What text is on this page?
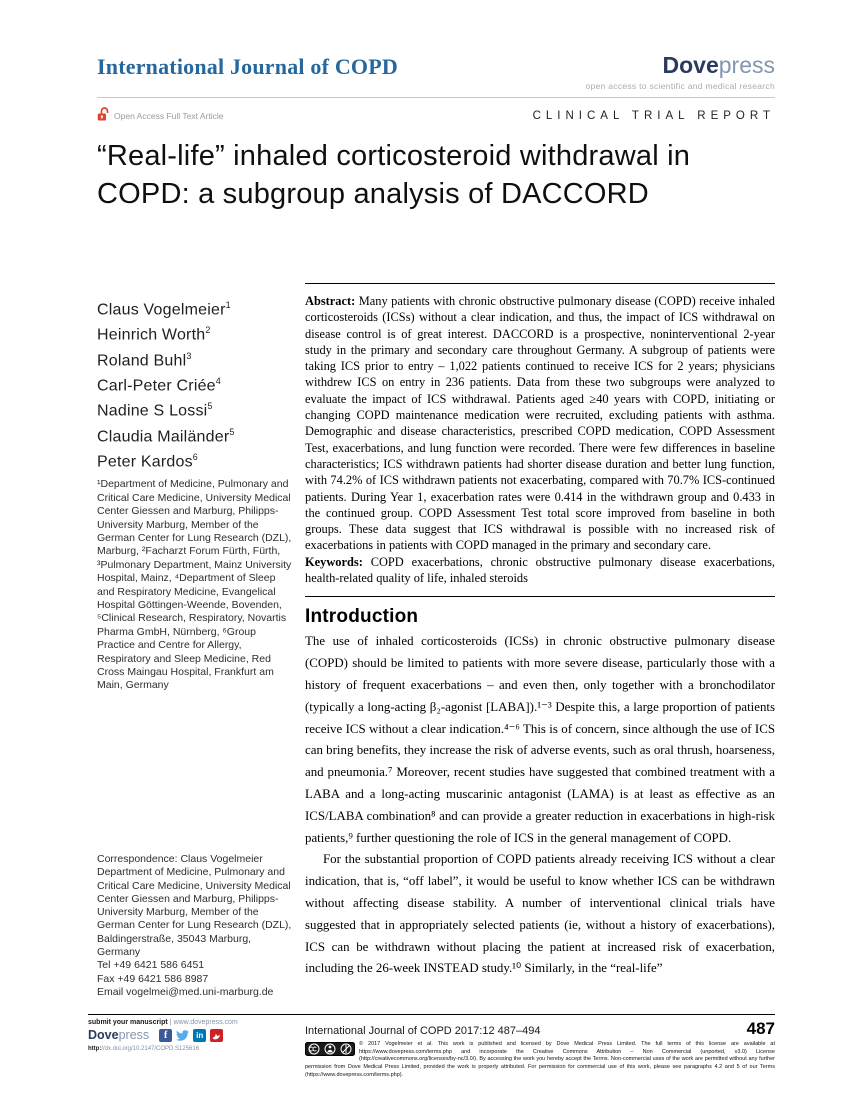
International Journal of COPD	Dovepress
open access to scientific and medical research
Open Access Full Text Article	CLINICAL TRIAL REPORT
“Real-life” inhaled corticosteroid withdrawal in COPD: a subgroup analysis of DACCORD
Claus Vogelmeier$^1$
Heinrich Worth$^2$
Roland Buhl$^3$
Carl-Peter Criée$^4$
Nadine S Lossi$^5$
Claudia Mailänder$^5$
Peter Kardos$^6$
¹Department of Medicine, Pulmonary and Critical Care Medicine, University Medical Center Giessen and Marburg, Philipps-University Marburg, Member of the German Center for Lung Research (DZL), Marburg, ²Facharzt Forum Fürth, Fürth, ³Pulmonary Department, Mainz University Hospital, Mainz, ⁴Department of Sleep and Respiratory Medicine, Evangelical Hospital Göttingen-Weende, Bovenden, ⁵Clinical Research, Respiratory, Novartis Pharma GmbH, Nürnberg, ⁶Group Practice and Centre for Allergy, Respiratory and Sleep Medicine, Red Cross Maingau Hospital, Frankfurt am Main, Germany
Correspondence: Claus Vogelmeier
Department of Medicine, Pulmonary and Critical Care Medicine, University Medical Center Giessen and Marburg, Philipps-University Marburg, Member of the German Center for Lung Research (DZL), Baldingerstraße, 35043 Marburg, Germany
Tel +49 6421 586 6451
Fax +49 6421 586 8987
Email vogelmei@med.uni-marburg.de

Abstract: Many patients with chronic obstructive pulmonary disease (COPD) receive inhaled corticosteroids (ICSs) without a clear indication, and thus, the impact of ICS withdrawal on disease control is of great interest. DACCORD is a prospective, noninterventional 2-year study in the primary and secondary care throughout Germany. A subgroup of patients were taking ICS prior to entry – 1,022 patients continued to receive ICS for 2 years; physicians withdrew ICS on entry in 236 patients. Data from these two subgroups were analyzed to evaluate the impact of ICS withdrawal. Patients aged ≥40 years with COPD, initiating or changing COPD maintenance medication were recruited, excluding patients with asthma. Demographic and disease characteristics, prescribed COPD medication, COPD Assessment Test, exacerbations, and lung function were recorded. There were few differences in baseline characteristics; ICS withdrawn patients had shorter disease duration and better lung function, with 74.2% of ICS withdrawn patients not exacerbating, compared with 70.7% ICS-continued patients. During Year 1, exacerbation rates were 0.414 in the withdrawn group and 0.433 in the continued group. COPD Assessment Test total score improved from baseline in both groups. These data suggest that ICS withdrawal is possible with no increased risk of exacerbations in patients with COPD managed in the primary and secondary care.

Keywords: COPD exacerbations, chronic obstructive pulmonary disease exacerbations, health-related quality of life, inhaled steroids

Introduction

The use of inhaled corticosteroids (ICSs) in chronic obstructive pulmonary disease (COPD) should be limited to patients with more severe disease, particularly those with a history of frequent exacerbations – and even then, only together with a bronchodilator (typically a long-acting β₂-agonist [LABA]).¹⁻³ Despite this, a large proportion of patients receive ICS without a clear indication.⁴⁻⁶ This is of concern, since although the use of ICS can bring benefits, they increase the risk of adverse events, such as oral thrush, hoarseness, and pneumonia.⁷ Moreover, recent studies have suggested that combined treatment with a LABA and a long-acting muscarinic antagonist (LAMA) is at least as effective as an ICS/LABA combination⁸ and can provide a greater reduction in exacerbations in high-risk patients,⁹ further questioning the role of ICS in the general management of COPD.

For the substantial proportion of COPD patients already receiving ICS without a clear indication, that is, “off label”, it would be useful to know whether ICS can be withdrawn without affecting disease stability. A number of interventional clinical trials have suggested that in appropriately selected patients (ie, without a history of exacerbations), ICS can be withdrawn without placing the patient at increased risk of exacerbation, including the 26-week INSTEAD study.¹⁰ Similarly, in the “real-life”

submit your manuscript | www.dovepress.com
Dovepress f	in
http://dx.doi.org/10.2147/COPD.S125616
International Journal of COPD 2017:12 487–494	487
© 2017 Vogelmeier et al. This work is published and licensed by Dove Medical Press Limited. The full terms of this license are available at https://www.dovepress.com/terms.php and incorporate the Creative Commons Attribution – Non Commercial (unported, v3.0) License (http://creativecommons.org/licenses/by-nc/3.0/). By accessing the work you hereby accept the Terms. Non-commercial uses of the work are permitted without any further permission from Dove Medical Press Limited, provided the work is properly attributed. For permission for commercial use of this work, please see paragraphs 4.2 and 5 of our Terms (https://www.dovepress.com/terms.php).
